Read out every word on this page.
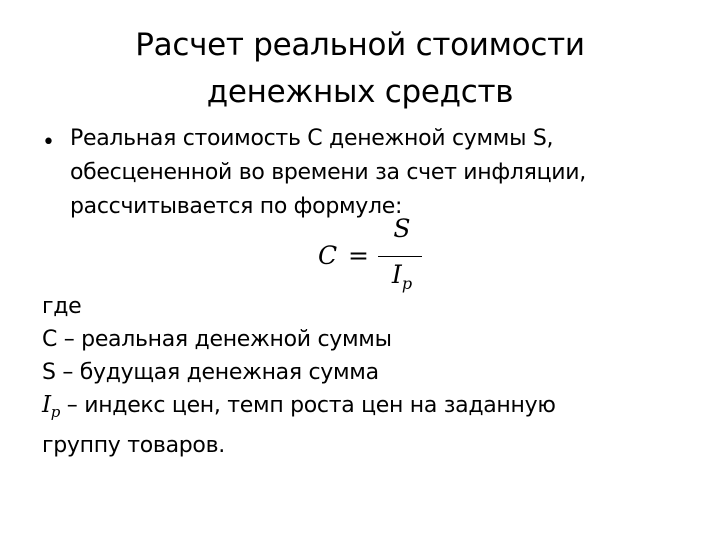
Расчет реальной стоимости
денежных средств
• Реальная стоимость С денежной суммы S,
обесцененной во времени за счет инфляции,
рассчитывается по формуле:
C =
S
$I_p$
где
С – реальная денежной суммы
S – будущая денежная сумма
$I_p$ – индекс цен, темп роста цен на заданную
группу товаров.
